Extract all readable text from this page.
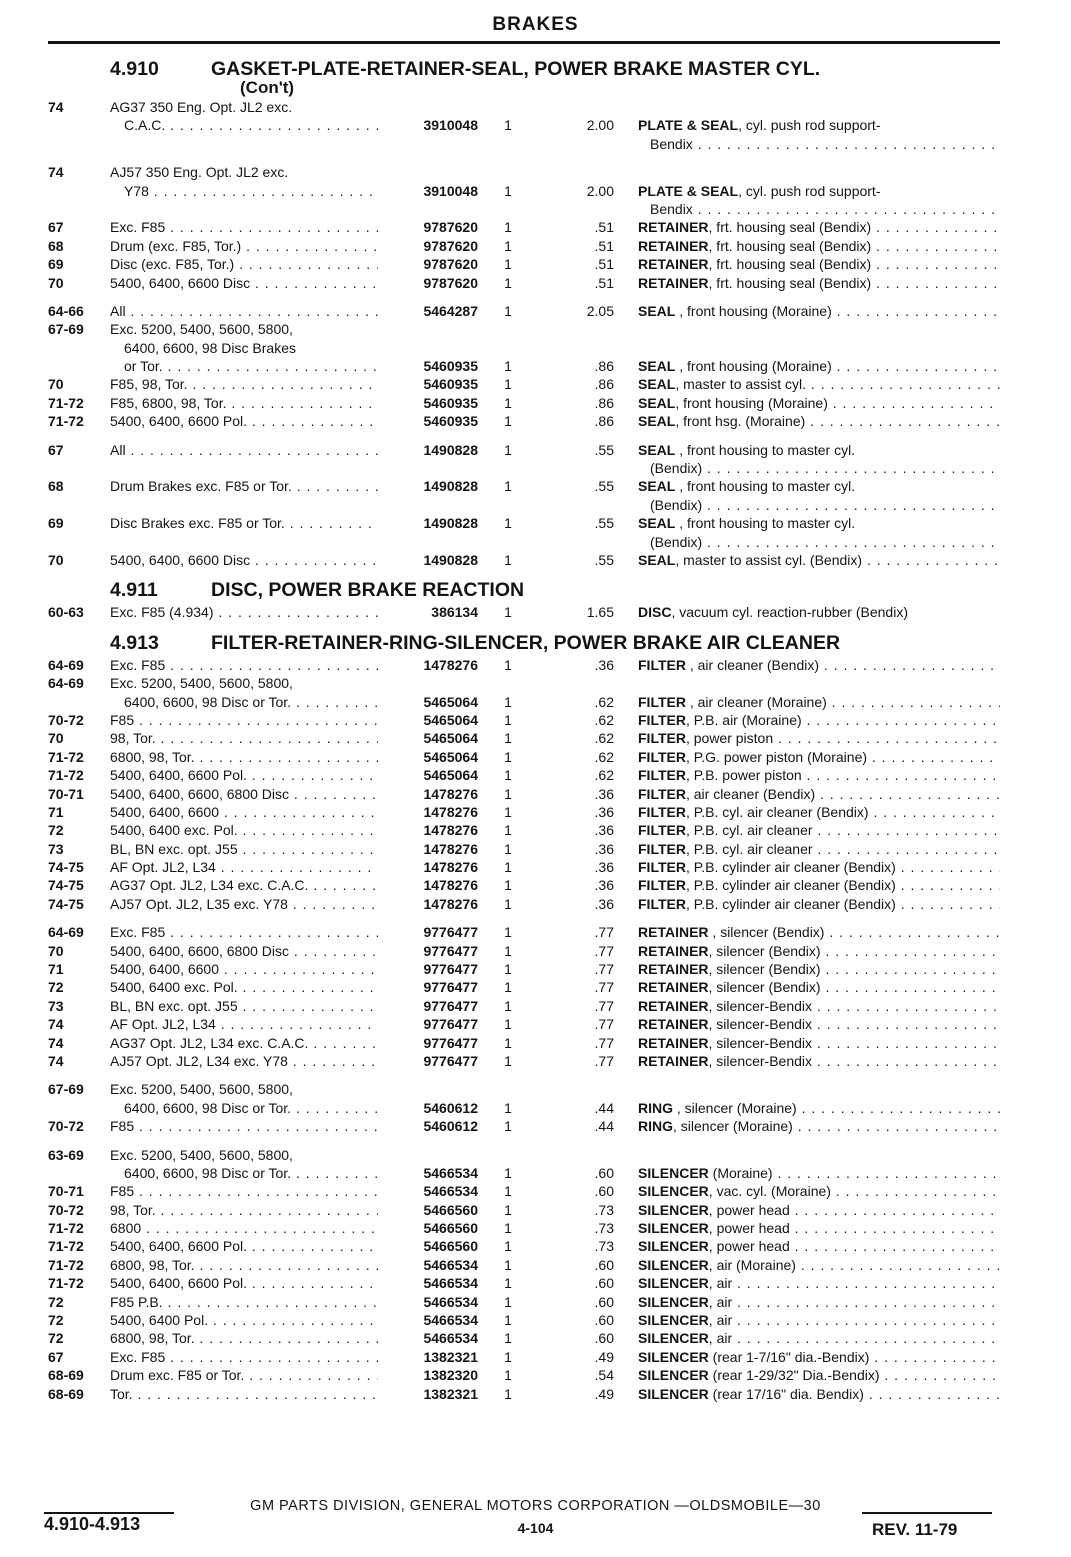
BRAKES
4.910	GASKET-PLATE-RETAINER-SEAL, POWER BRAKE MASTER CYL.
(Con't)
74	AG37 350 Eng. Opt. JL2 exc.
C.A.C. . . .	3910048 1	2.00 PLATE & SEAL, cyl. push rod support-
Bendix . . .
74	AJ57 350 Eng. Opt. JL2 exc.
Y78 . . .	3910048 1	2.00 PLATE & SEAL, cyl. push rod support-
Bendix . . .
67	Exc. F85 . . .	9787620 1	.51 RETAINER, frt. housing seal (Bendix) . . .
68	Drum (exc. F85, Tor.) . . .	9787620 1	.51 RETAINER, frt. housing seal (Bendix) . . .
69	Disc (exc. F85, Tor.) . . .	9787620 1	.51 RETAINER, frt. housing seal (Bendix) . . .
70	5400, 6400, 6600 Disc . . .	9787620 1	.51 RETAINER, frt. housing seal (Bendix) . . .
64-66 All . . .	5464287 1	2.05 SEAL , front housing (Moraine) . . .
67-69 Exc. 5200, 5400, 5600, 5800,
6400, 6600, 98 Disc Brakes
or Tor. . . .	5460935 1	.86 SEAL , front housing (Moraine) . . .
70	F85, 98, Tor. . . .	5460935 1	.86 SEAL, master to assist cyl. . . .
71-72 F85, 6800, 98, Tor. . . .	5460935 1	.86 SEAL, front housing (Moraine) . . .
71-72 5400, 6400, 6600 Pol. . . .	5460935 1	.86 SEAL, front hsg. (Moraine) . . .
67	All . . .	1490828 1	.55 SEAL , front housing to master cyl.
(Bendix) . . .
68	Drum Brakes exc. F85 or Tor. . . .	1490828 1	.55 SEAL , front housing to master cyl.
(Bendix) . . .
69	Disc Brakes exc. F85 or Tor. . . .	1490828 1	.55 SEAL , front housing to master cyl.
(Bendix) . . .
70	5400, 6400, 6600 Disc . . .	1490828 1	.55 SEAL, master to assist cyl. (Bendix) . . .
4.911	DISC, POWER BRAKE REACTION
60-63 Exc. F85 (4.934) . . .	386134 1	1.65 DISC, vacuum cyl. reaction-rubber (Bendix)
4.913	FILTER-RETAINER-RING-SILENCER, POWER BRAKE AIR CLEANER
64-69 Exc. F85 . . .	1478276 1	.36 FILTER , air cleaner (Bendix) . . .
64-69 Exc. 5200, 5400, 5600, 5800,
6400, 6600, 98 Disc or Tor. . . .	5465064 1	.62 FILTER , air cleaner (Moraine) . . .
70-72 F85 . . .	5465064 1	.62 FILTER, P.B. air (Moraine) . . .
70	98, Tor. . . .	5465064 1	.62 FILTER, power piston . . .
71-72 6800, 98, Tor. . . .	5465064 1	.62 FILTER, P.G. power piston (Moraine) . . .
71-72 5400, 6400, 6600 Pol. . . .	5465064 1	.62 FILTER, P.B. power piston . . .
70-71 5400, 6400, 6600, 6800 Disc . . .	1478276 1	.36 FILTER, air cleaner (Bendix) . . .
71	5400, 6400, 6600 . . .	1478276 1	.36 FILTER, P.B. cyl. air cleaner (Bendix) . . .
72	5400, 6400 exc. Pol. . . .	1478276 1	.36 FILTER, P.B. cyl. air cleaner . . .
73	BL, BN exc. opt. J55 . . .	1478276 1	.36 FILTER, P.B. cyl. air cleaner . . .
74-75 AF Opt. JL2, L34 . . .	1478276 1	.36 FILTER, P.B. cylinder air cleaner (Bendix) . . .
74-75 AG37 Opt. JL2, L34 exc. C.A.C. . . .	1478276 1	.36 FILTER, P.B. cylinder air cleaner (Bendix) . . .
74-75 AJ57 Opt. JL2, L35 exc. Y78 . . .	1478276 1	.36 FILTER, P.B. cylinder air cleaner (Bendix) . . .
64-69 Exc. F85 . . .	9776477 1	.77 RETAINER , silencer (Bendix) . . .
70	5400, 6400, 6600, 6800 Disc . . .	9776477 1	.77 RETAINER, silencer (Bendix) . . .
71	5400, 6400, 6600 . . .	9776477 1	.77 RETAINER, silencer (Bendix) . . .
72	5400, 6400 exc. Pol. . . .	9776477 1	.77 RETAINER, silencer (Bendix) . . .
73	BL, BN exc. opt. J55 . . .	9776477 1	.77 RETAINER, silencer-Bendix . . .
74	AF Opt. JL2, L34 . . .	9776477 1	.77 RETAINER, silencer-Bendix . . .
74	AG37 Opt. JL2, L34 exc. C.A.C. . . .	9776477 1	.77 RETAINER, silencer-Bendix . . .
74	AJ57 Opt. JL2, L34 exc. Y78 . . .	9776477 1	.77 RETAINER, silencer-Bendix . . .
67-69 Exc. 5200, 5400, 5600, 5800,
6400, 6600, 98 Disc or Tor. . . .	5460612 1	.44 RING , silencer (Moraine) . . .
70-72 F85 . . .	5460612 1	.44 RING, silencer (Moraine) . . .
63-69 Exc. 5200, 5400, 5600, 5800,
6400, 6600, 98 Disc or Tor. . . .	5466534 1	.60 SILENCER (Moraine) . . .
70-71 F85 . . .	5466534 1	.60 SILENCER, vac. cyl. (Moraine) . . .
70-72 98, Tor. . . .	5466560 1	.73 SILENCER, power head . . .
71-72 6800 . . .	5466560 1	.73 SILENCER, power head . . .
71-72 5400, 6400, 6600 Pol. . . .	5466560 1	.73 SILENCER, power head . . .
71-72 6800, 98, Tor. . . .	5466534 1	.60 SILENCER, air (Moraine) . . .
71-72 5400, 6400, 6600 Pol. . . .	5466534 1	.60 SILENCER, air . . .
72	F85 P.B. . . .	5466534 1	.60 SILENCER, air . . .
72	5400, 6400 Pol. . . .	5466534 1	.60 SILENCER, air . . .
72	6800, 98, Tor. . . .	5466534 1	.60 SILENCER, air . . .
67	Exc. F85 . . .	1382321 1	.49 SILENCER (rear 1-7/16" dia.-Bendix) . . .
68-69 Drum exc. F85 or Tor. . . .	1382320 1	.54 SILENCER (rear 1-29/32" Dia.-Bendix) . . .
68-69 Tor. . . .	1382321 1	.49 SILENCER (rear 17/16" dia. Bendix) . . .
GM PARTS DIVISION, GENERAL MOTORS CORPORATION —OLDSMOBILE—30
4.910-4.913	4-104	REV. 11-79
